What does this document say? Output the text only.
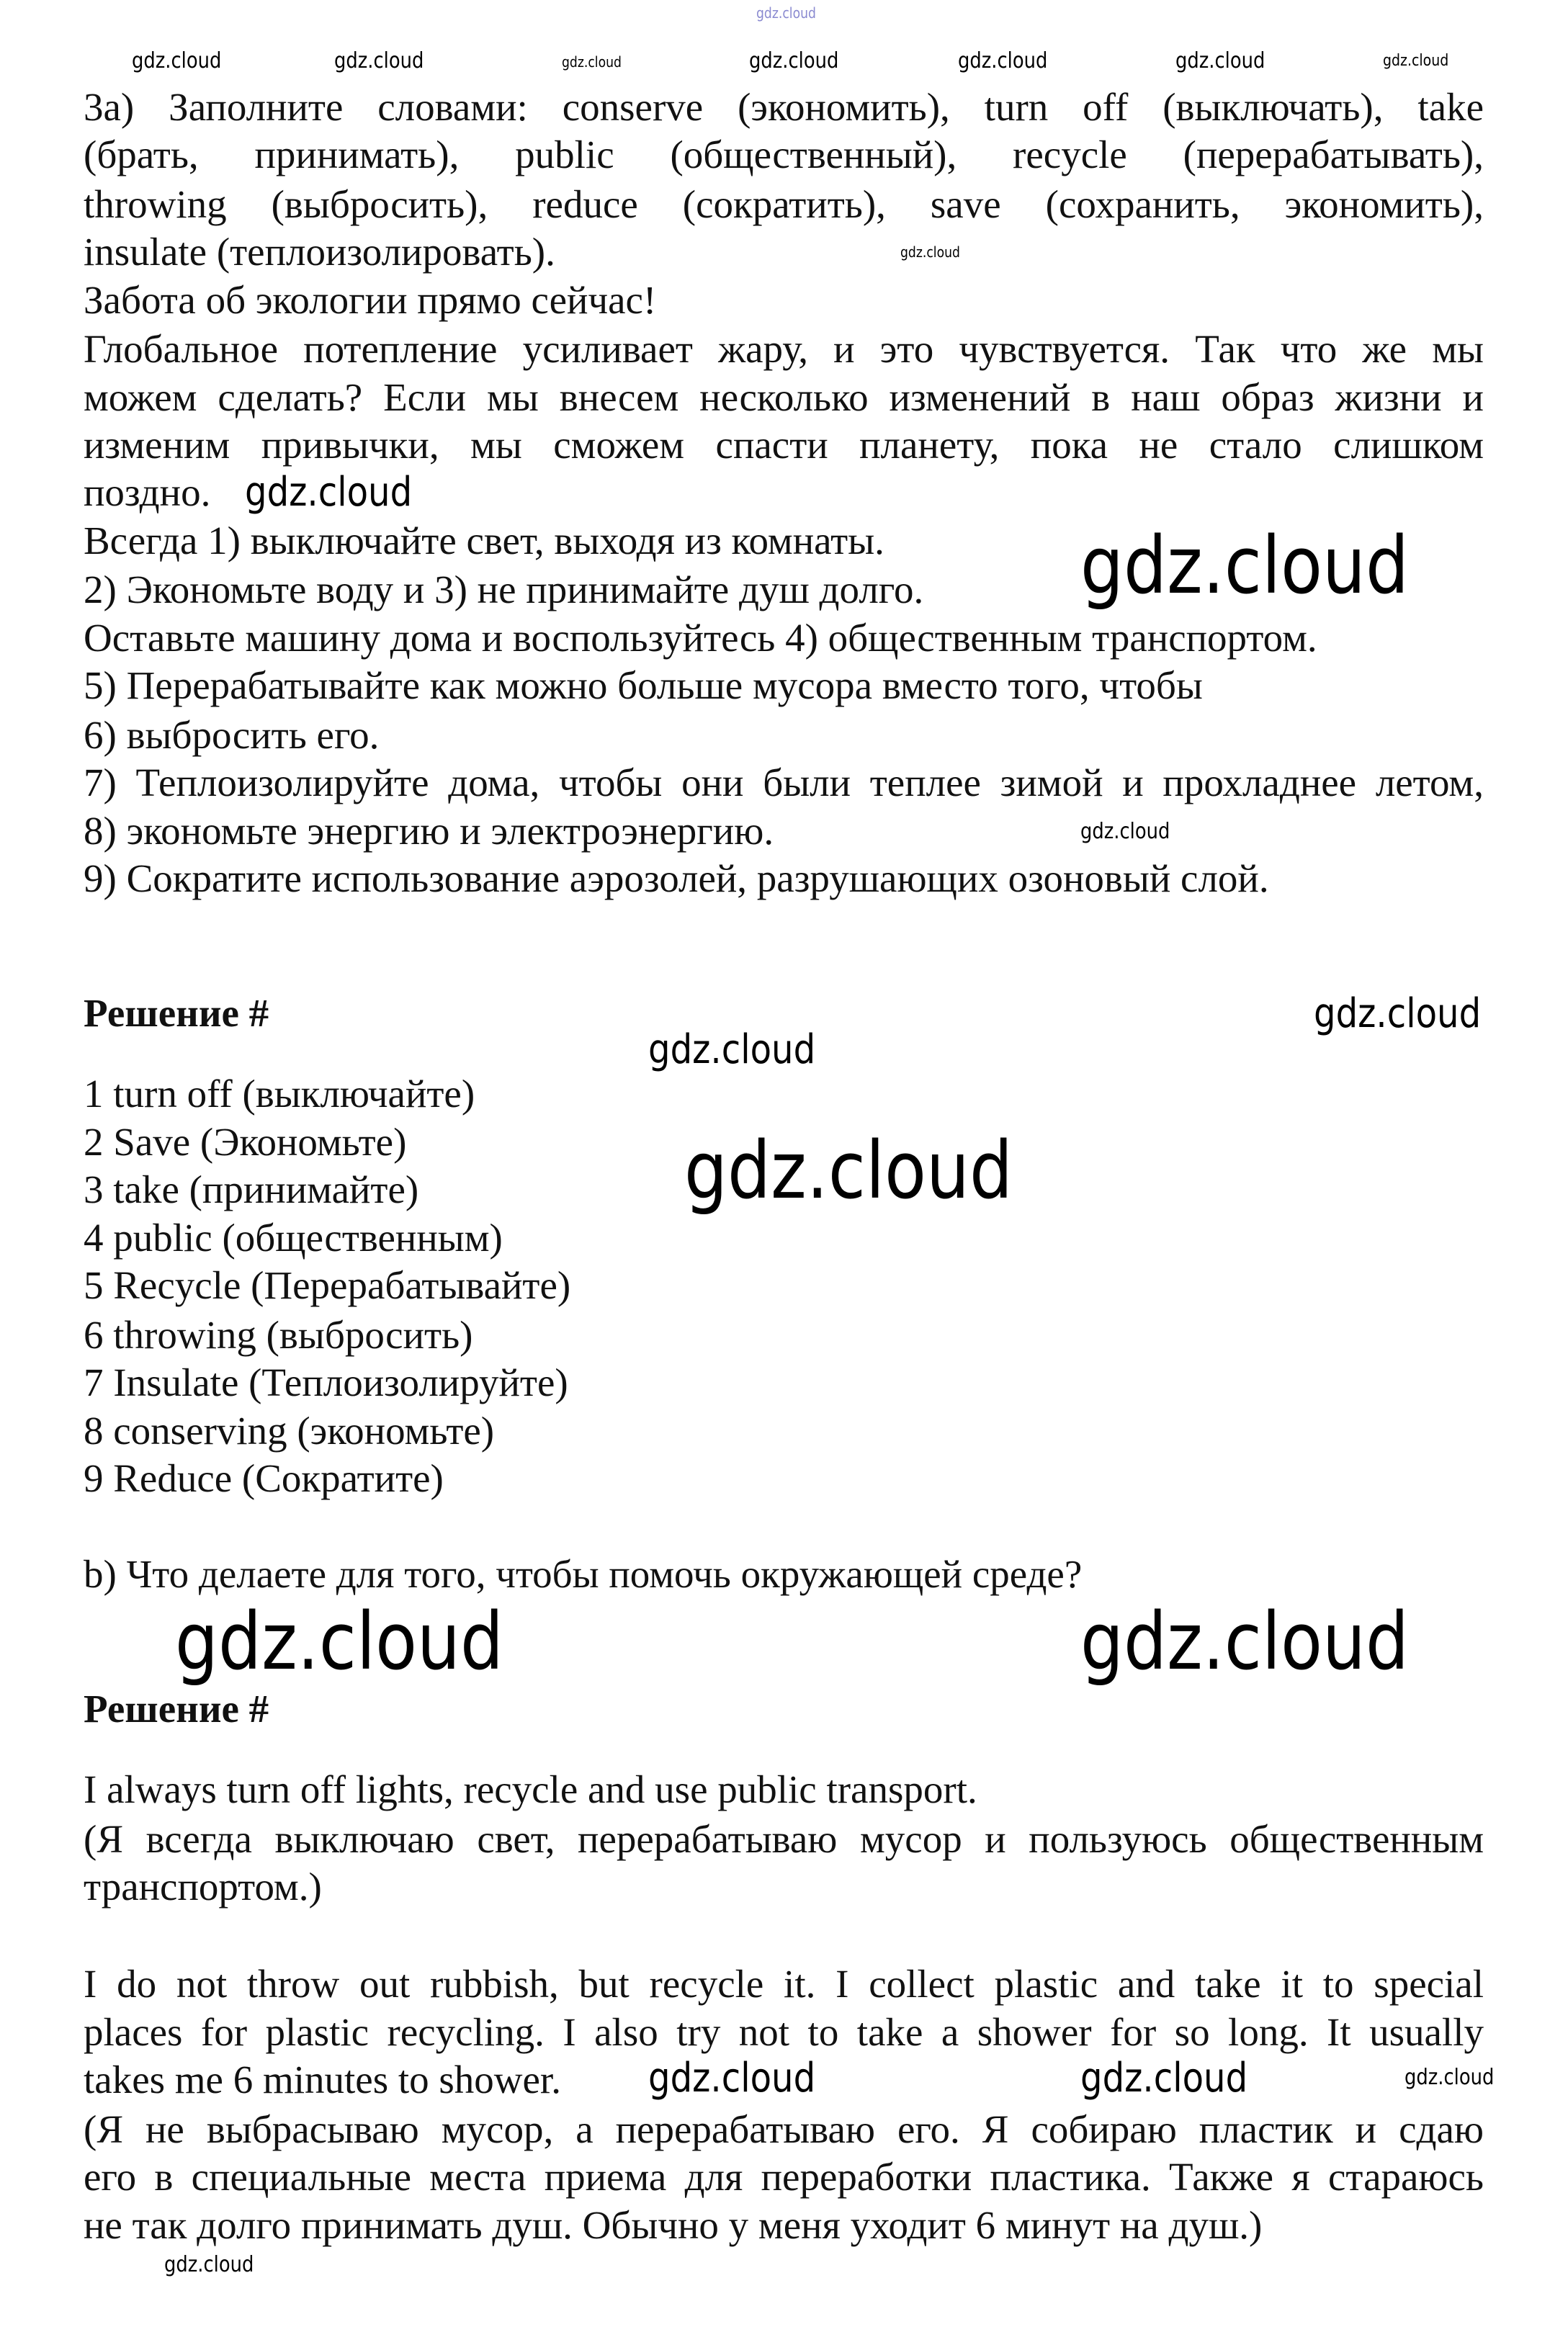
3a) Заполните словами: conserve (экономить), turn off (выключать), take
(брать, принимать), public (общественный), recycle (перерабатывать),
throwing (выбросить), reduce (сократить), save (сохранить, экономить),
insulate (теплоизолировать).
Забота об экологии прямо сейчас!
Глобальное потепление усиливает жару, и это чувствуется. Так что же мы
можем сделать? Если мы внесем несколько изменений в наш образ жизни и
изменим привычки, мы сможем спасти планету, пока не стало слишком
поздно.
Всегда 1) выключайте свет, выходя из комнаты.
2) Экономьте воду и 3) не принимайте душ долго.
Оставьте машину дома и воспользуйтесь 4) общественным транспортом.
5) Перерабатывайте как можно больше мусора вместо того, чтобы
6) выбросить его.
7) Теплоизолируйте дома, чтобы они были теплее зимой и прохладнее летом,
8) экономьте энергию и электроэнергию.
9) Сократите использование аэрозолей, разрушающих озоновый слой.
Решение #
1 turn off (выключайте)
2 Save (Экономьте)
3 take (принимайте)
4 public (общественным)
5 Recycle (Перерабатывайте)
6 throwing (выбросить)
7 Insulate (Теплоизолируйте)
8 conserving (экономьте)
9 Reduce (Сократите)
b) Что делаете для того, чтобы помочь окружающей среде?
Решение #
I always turn off lights, recycle and use public transport.
(Я всегда выключаю свет, перерабатываю мусор и пользуюсь общественным
транспортом.)
I do not throw out rubbish, but recycle it. I collect plastic and take it to special
places for plastic recycling. I also try not to take a shower for so long. It usually
takes me 6 minutes to shower.
(Я не выбрасываю мусор, а перерабатываю его. Я собираю пластик и сдаю
его в специальные места приема для переработки пластика. Также я стараюсь
не так долго принимать душ. Обычно у меня уходит 6 минут на душ.)
gdz.cloud
gdz.cloud	gdz.cloud	gdz.cloud	gdz.cloud	gdz.cloud	gdz.cloud	gdz.cloud
gdz.cloud
gdz.cloud
gdz.cloud
gdz.cloud
gdz.cloud
gdz.cloud
gdz.cloud
gdz.cloud	gdz.cloud
gdz.cloud
gdz.cloud	gdz.cloud
gdz.cloud
